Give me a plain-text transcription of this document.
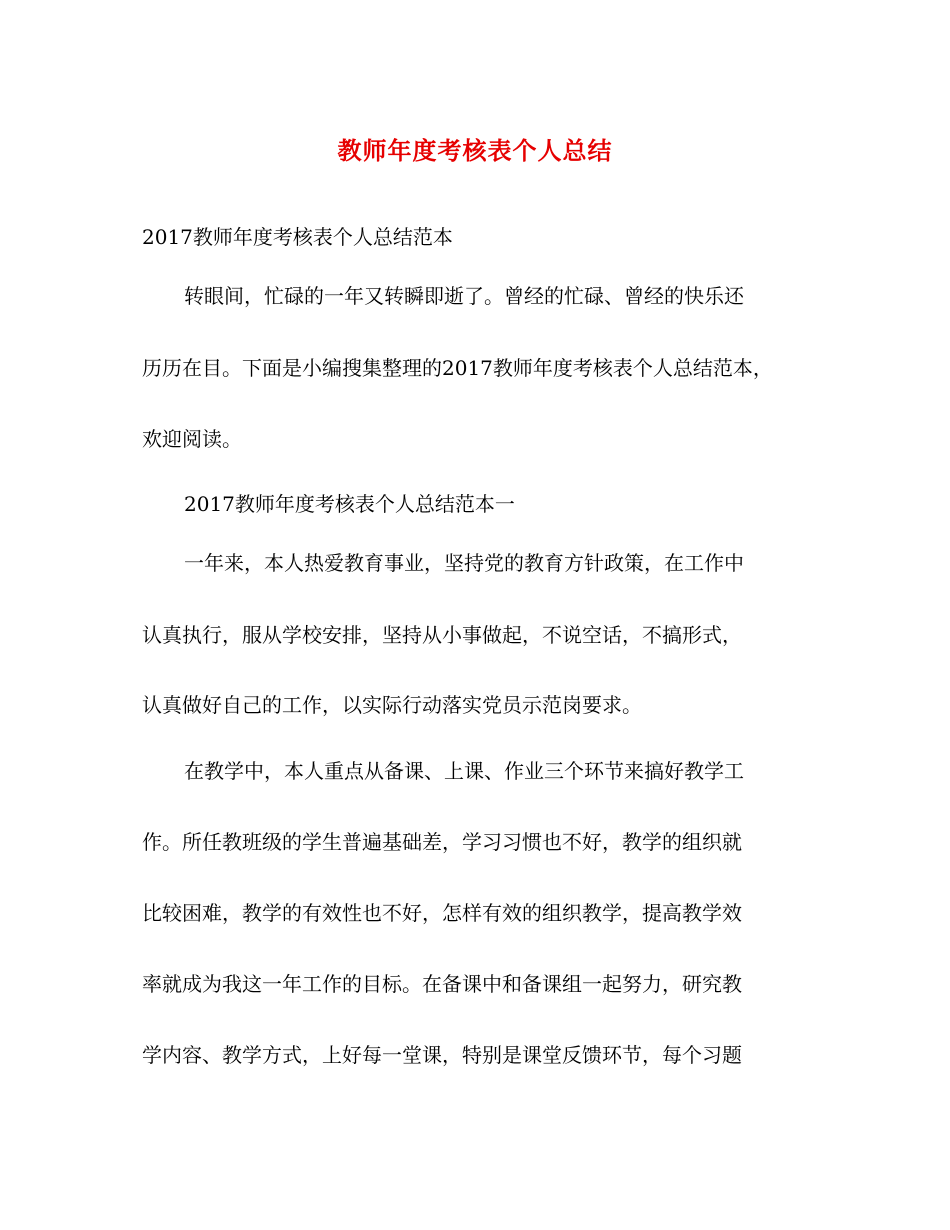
教师年度考核表个人总结

2017教师年度考核表个人总结范本

转眼间，忙碌的一年又转瞬即逝了。曾经的忙碌、曾经的快乐还

历历在目。下面是小编搜集整理的2017教师年度考核表个人总结范本，

欢迎阅读。

2017教师年度考核表个人总结范本一

一年来，本人热爱教育事业，坚持党的教育方针政策，在工作中

认真执行，服从学校安排，坚持从小事做起，不说空话，不搞形式，

认真做好自己的工作，以实际行动落实党员示范岗要求。

在教学中，本人重点从备课、上课、作业三个环节来搞好教学工

作。所任教班级的学生普遍基础差，学习习惯也不好，教学的组织就

比较困难，教学的有效性也不好，怎样有效的组织教学，提高教学效

率就成为我这一年工作的目标。在备课中和备课组一起努力，研究教

学内容、教学方式，上好每一堂课，特别是课堂反馈环节，每个习题
